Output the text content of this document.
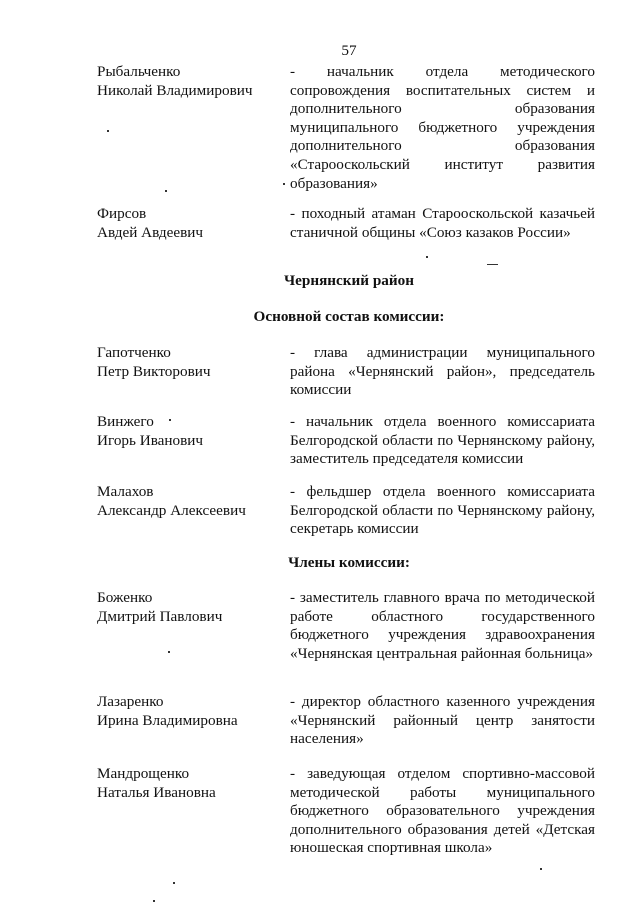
57
Рыбальченко
Николай Владимирович
- начальник отдела методического сопровождения воспитательных систем и дополнительного образования муниципального бюджетного учреждения дополнительного образования «Старооскольский институт развития образования»
Фирсов
Авдей Авдеевич
- походный атаман Старооскольской казачьей станичной общины «Союз казаков России»
Чернянский район
Основной состав комиссии:
Гапотченко
Петр Викторович
- глава администрации муниципального района «Чернянский район», председатель комиссии
Винжего
Игорь Иванович
- начальник отдела военного комиссариата Белгородской области по Чернянскому району, заместитель председателя комиссии
Малахов
Александр Алексеевич
- фельдшер отдела военного комиссариата Белгородской области по Чернянскому району, секретарь комиссии
Члены комиссии:
Боженко
Дмитрий Павлович
- заместитель главного врача по методической работе областного государственного бюджетного учреждения здравоохранения «Чернянская центральная районная больница»
Лазаренко
Ирина Владимировна
- директор областного казенного учреждения «Чернянский районный центр занятости населения»
Мандрощенко
Наталья Ивановна
- заведующая отделом спортивно-массовой методической работы муниципального бюджетного образовательного учреждения дополнительного образования детей «Детская юношеская спортивная школа»
